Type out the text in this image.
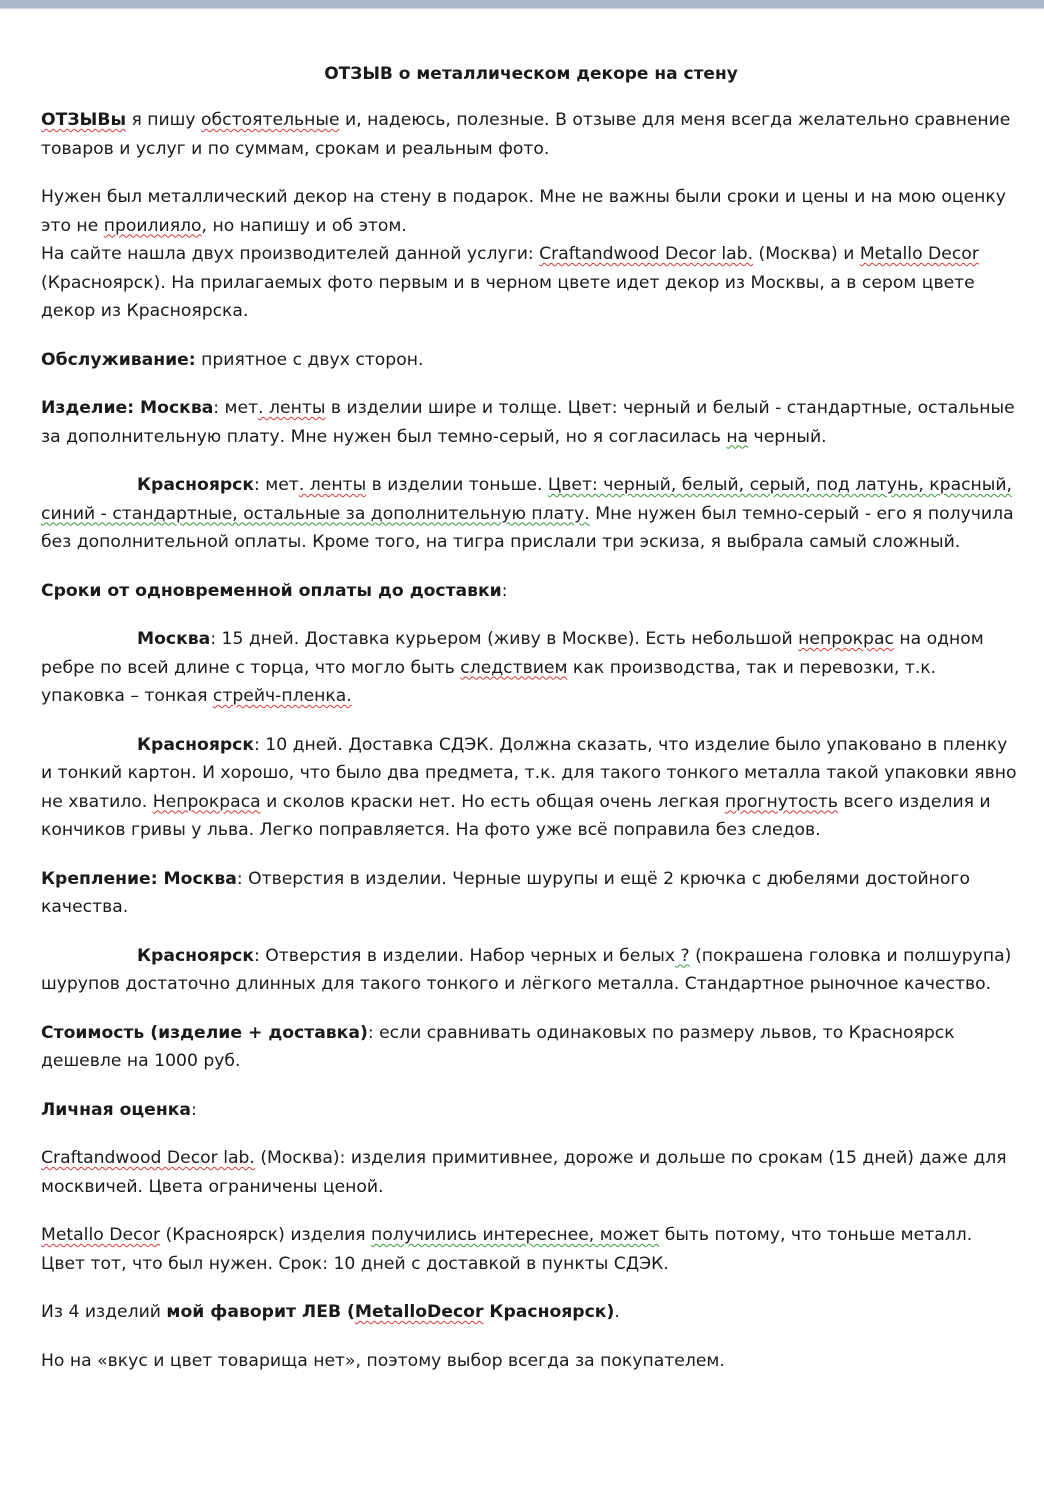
ОТЗЫВ о металлическом декоре на стену

ОТЗЫВы я пишу обстоятельные и, надеюсь, полезные. В отзыве для меня всегда желательно сравнение товаров и услуг и по суммам, срокам и реальным фото.

Нужен был металлический декор на стену в подарок. Мне не важны были сроки и цены и на мою оценку это не проилияло, но напишу и об этом.

На сайте нашла двух производителей данной услуги: Craftandwood Decor lab. (Москва) и Metallo Decor (Красноярск). На прилагаемых фото первым и в черном цвете идет декор из Москвы, а в сером цвете декор из Красноярска.

Обслуживание: приятное с двух сторон.

Изделие: Москва: мет. ленты в изделии шире и толще. Цвет: черный и белый - стандартные, остальные за дополнительную плату. Мне нужен был темно-серый, но я согласилась на черный.

Красноярск: мет. ленты в изделии тоньше. Цвет: черный, белый, серый, под латунь, красный, синий - стандартные, остальные за дополнительную плату. Мне нужен был темно-серый - его я получила без дополнительной оплаты. Кроме того, на тигра прислали три эскиза, я выбрала самый сложный.

Сроки от одновременной оплаты до доставки:

Москва: 15 дней. Доставка курьером (живу в Москве). Есть небольшой непрокрас на одном ребре по всей длине с торца, что могло быть следствием как производства, так и перевозки, т.к. упаковка – тонкая стрейч-пленка.

Красноярск: 10 дней. Доставка СДЭК. Должна сказать, что изделие было упаковано в пленку и тонкий картон. И хорошо, что было два предмета, т.к. для такого тонкого металла такой упаковки явно не хватило. Непрокраса и сколов краски нет. Но есть общая очень легкая прогнутость всего изделия и кончиков гривы у льва. Легко поправляется. На фото уже всё поправила без следов.

Крепление: Москва: Отверстия в изделии. Черные шурупы и ещё 2 крючка с дюбелями достойного качества.

Красноярск: Отверстия в изделии. Набор черных и белых ? (покрашена головка и полшурупа) шурупов достаточно длинных для такого тонкого и лёгкого металла. Стандартное рыночное качество.

Стоимость (изделие + доставка): если сравнивать одинаковых по размеру львов, то Красноярск дешевле на 1000 руб.

Личная оценка:

Craftandwood Decor lab. (Москва): изделия примитивнее, дороже и дольше по срокам (15 дней) даже для москвичей. Цвета ограничены ценой.

Metallo Decor (Красноярск) изделия получились интереснее, может быть потому, что тоньше металл. Цвет тот, что был нужен. Срок: 10 дней с доставкой в пункты СДЭК.

Из 4 изделий мой фаворит ЛЕВ (MetalloDecor Красноярск).

Но на «вкус и цвет товарища нет», поэтому выбор всегда за покупателем.
